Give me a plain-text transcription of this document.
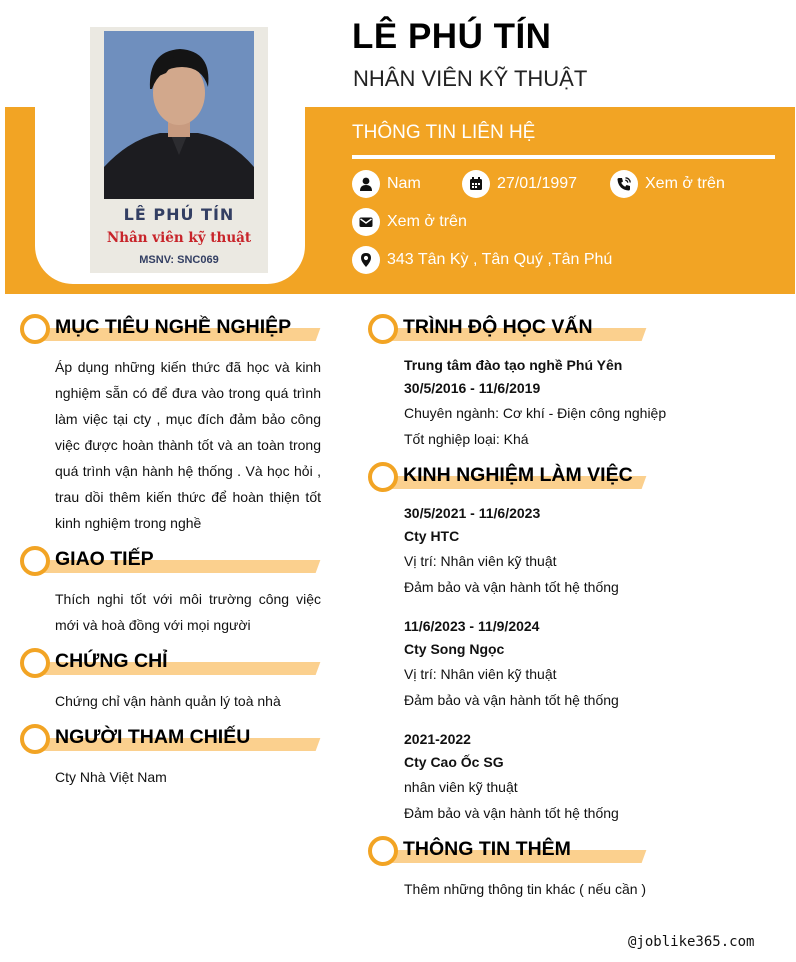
LÊ PHÚ TÍN
Nhân viên kỹ thuật
MSNV: SNC069
LÊ PHÚ TÍN
NHÂN VIÊN KỸ THUẬT
THÔNG TIN LIÊN HỆ
Nam	27/01/1997	Xem ở trên
Xem ở trên
343 Tân Kỳ , Tân Quý ,Tân Phú
MỤC TIÊU NGHỀ NGHIỆP

Áp dụng những kiến thức đã học và kinh nghiệm sẵn có để đưa vào trong quá trình làm việc tại cty , mục đích đảm bảo công việc được hoàn thành tốt và an toàn trong quá trình vận hành hệ thống . Và học hỏi , trau dồi thêm kiến thức để hoàn thiện tốt kinh nghiệm trong nghề

GIAO TIẾP

Thích nghi tốt với môi trường công việc mới và hoà đồng với mọi người

CHỨNG CHỈ
Chứng chỉ vận hành quản lý toà nhà
NGƯỜI THAM CHIẾU
Cty Nhà Việt Nam
TRÌNH ĐỘ HỌC VẤN
Trung tâm đào tạo nghề Phú Yên
30/5/2016 - 11/6/2019
Chuyên ngành: Cơ khí - Điện công nghiệp
Tốt nghiệp loại: Khá
KINH NGHIỆM LÀM VIỆC
30/5/2021 - 11/6/2023
Cty HTC
Vị trí: Nhân viên kỹ thuật
Đảm bảo và vận hành tốt hệ thống
11/6/2023 - 11/9/2024
Cty Song Ngọc
Vị trí: Nhân viên kỹ thuật
Đảm bảo và vận hành tốt hệ thống
2021-2022
Cty Cao Ốc SG
nhân viên kỹ thuật
Đảm bảo và vận hành tốt hệ thống
THÔNG TIN THÊM
Thêm những thông tin khác ( nếu cần )
@joblike365.com
